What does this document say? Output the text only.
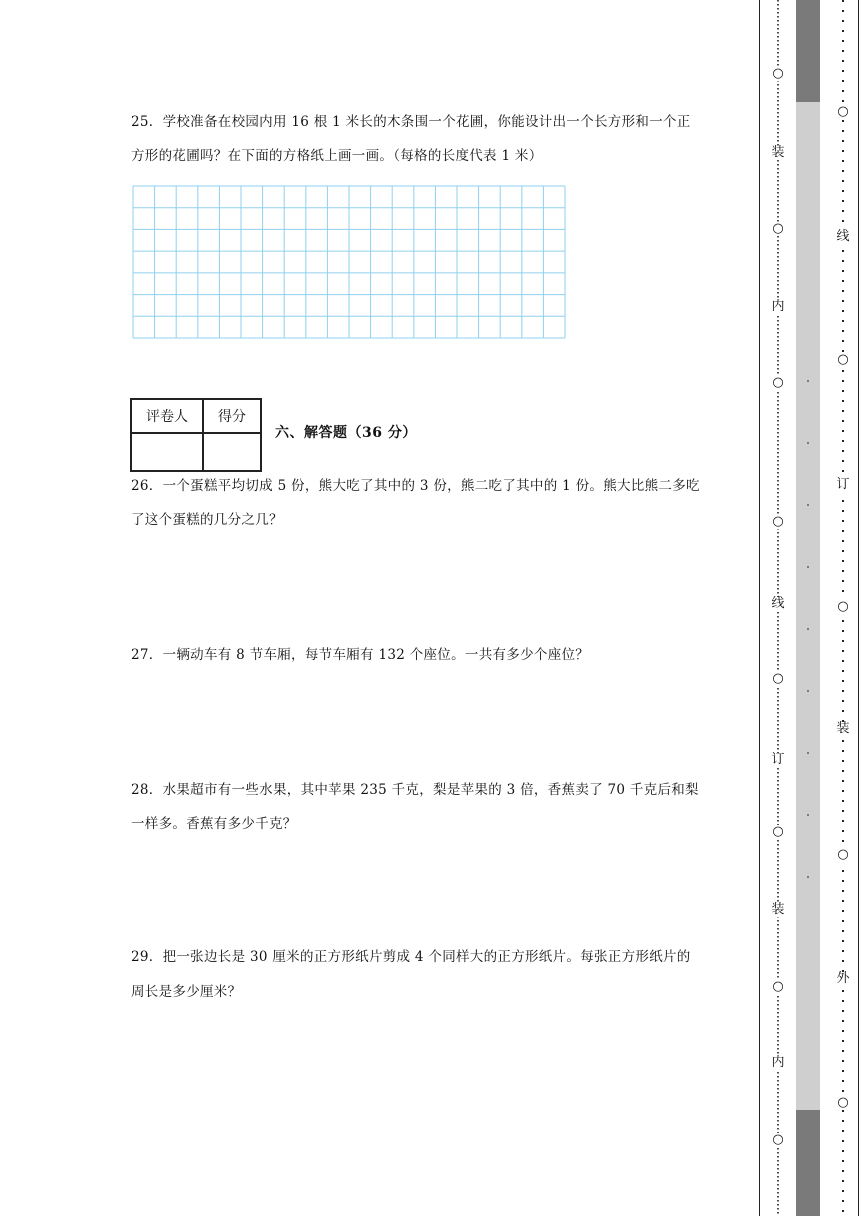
25．学校准备在校园内用 16 根 1 米长的木条围一个花圃，你能设计出一个长方形和一个正
方形的花圃吗？在下面的方格纸上画一画。（每格的长度代表 1 米）
评卷人	得分

六、解答题（36 分）
26．一个蛋糕平均切成 5 份，熊大吃了其中的 3 份，熊二吃了其中的 1 份。熊大比熊二多吃
了这个蛋糕的几分之几？
27．一辆动车有 8 节车厢，每节车厢有 132 个座位。一共有多少个座位？
28．水果超市有一些水果，其中苹果 235 千克，梨是苹果的 3 倍，香蕉卖了 70 千克后和梨
一样多。香蕉有多少千克？
29．把一张边长是 30 厘米的正方形纸片剪成 4 个同样大的正方形纸片。每张正方形纸片的
周长是多少厘米？
○
装
○
内
○
○
线
○
订
○
装
○
内
○
○
线
○
订
○
装
○
外
○
